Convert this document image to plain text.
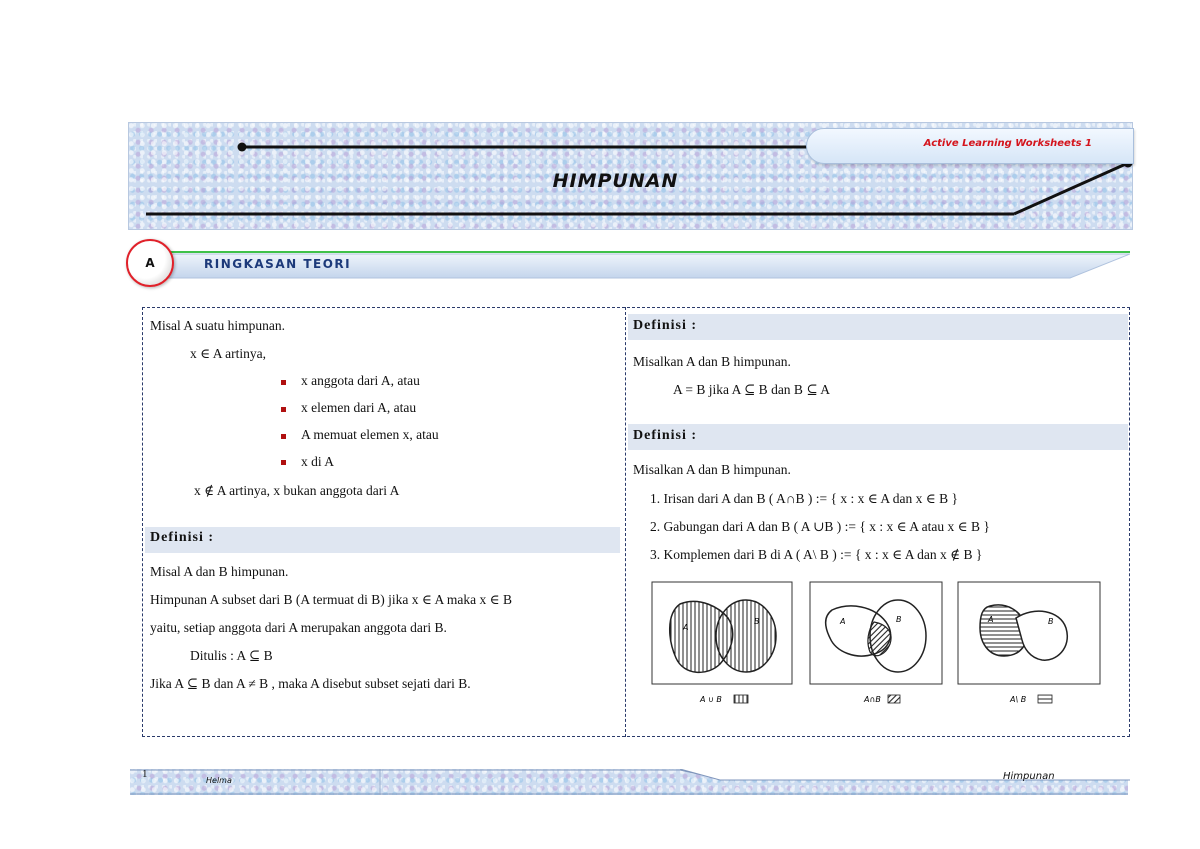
Active Learning Worksheets 1
HIMPUNAN
A	RINGKASAN TEORI
Misal A suatu himpunan.
x ∈ A artinya,
x anggota dari A, atau
x elemen dari A, atau
A memuat elemen x, atau
x di A
x ∉ A artinya, x bukan anggota dari A
Definisi :
Misal A dan B himpunan.
Himpunan A subset dari B (A termuat di B) jika x ∈ A maka x ∈ B
yaitu, setiap anggota dari A merupakan anggota dari B.
Ditulis : A ⊆ B
Jika A ⊆ B dan A ≠ B , maka A disebut subset sejati dari B.
Definisi :
Misalkan A dan B himpunan.
A = B jika A ⊆ B dan B ⊆ A
Definisi :
Misalkan A dan B himpunan.
1. Irisan dari A dan B ( A∩B ) := { x : x ∈ A dan x ∈ B }
2. Gabungan dari A dan B ( A ∪B ) := { x : x ∈ A atau x ∈ B }
3. Komplemen dari B di A ( A\ B ) := { x : x ∈ A dan x ∉ B }
A
B	A	B	A	B
A ∪ B	A∩B	A\ B
1
Helma	Himpunan
